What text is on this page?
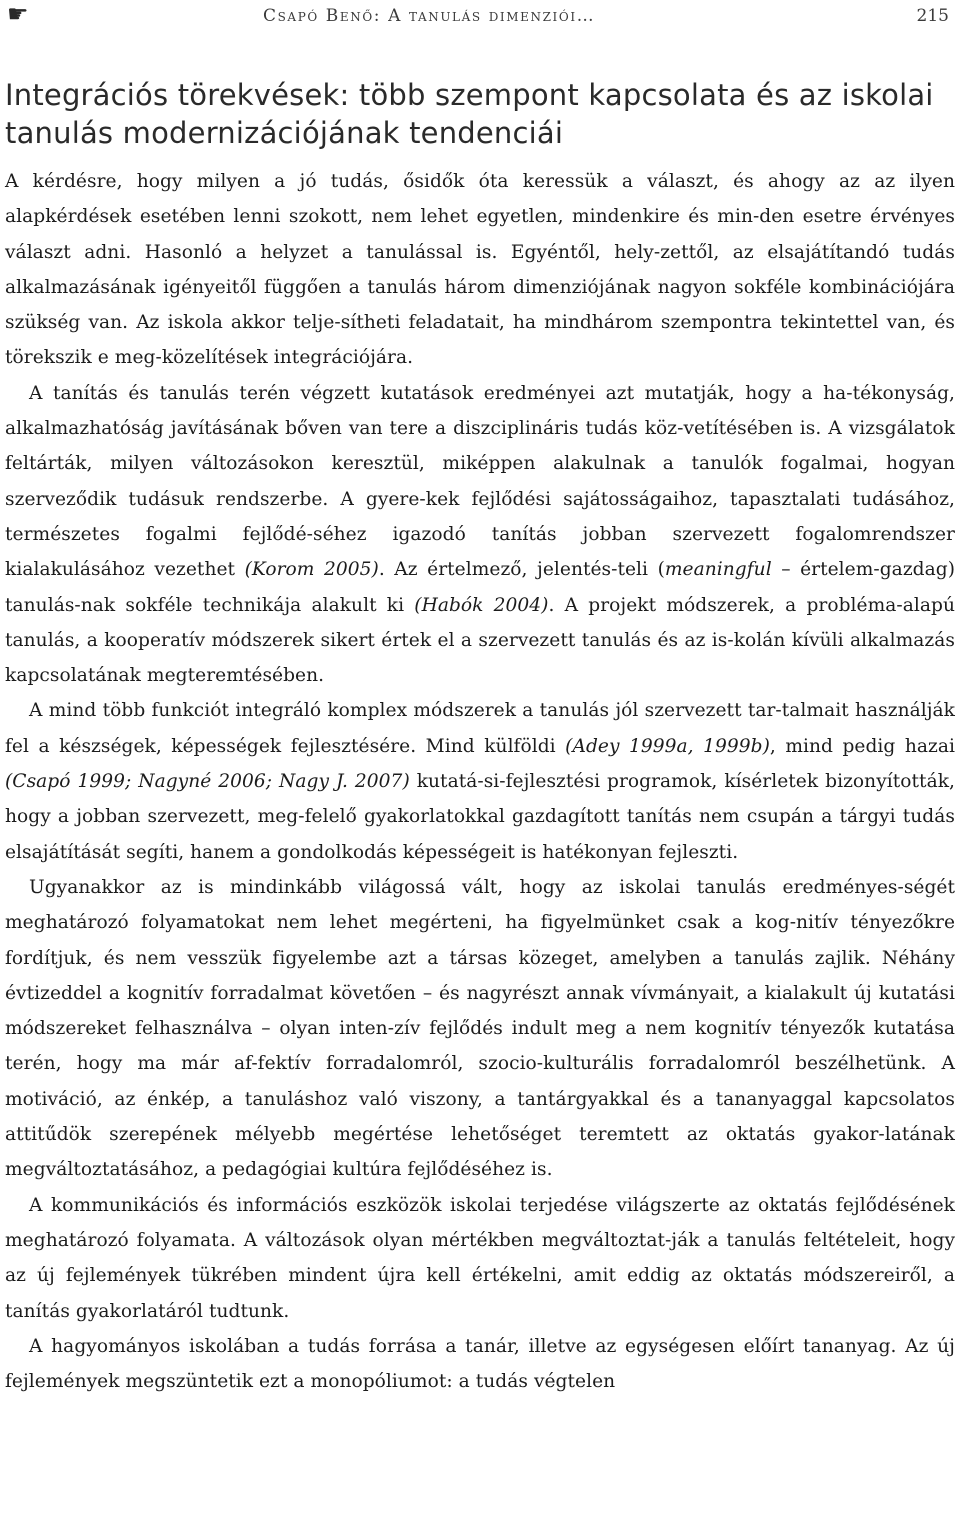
☛	Csapó Benő: A tanulás dimenziói…	215
Integrációs törekvések: több szempont kapcsolata és az iskolai tanulás modernizációjának tendenciái

A kérdésre, hogy milyen a jó tudás, ősidők óta keressük a választ, és ahogy az az ilyen alapkérdések esetében lenni szokott, nem lehet egyetlen, mindenkire és min-den esetre érvényes választ adni. Hasonló a helyzet a tanulással is. Egyéntől, hely-zettől, az elsajátítandó tudás alkalmazásának igényeitől függően a tanulás három dimenziójának nagyon sokféle kombinációjára szükség van. Az iskola akkor telje-sítheti feladatait, ha mindhárom szempontra tekintettel van, és törekszik e meg-közelítések integrációjára.

A tanítás és tanulás terén végzett kutatások eredményei azt mutatják, hogy a ha-tékonyság, alkalmazhatóság javításának bőven van tere a diszciplináris tudás köz-vetítésében is. A vizsgálatok feltárták, milyen változásokon keresztül, miképpen alakulnak a tanulók fogalmai, hogyan szerveződik tudásuk rendszerbe. A gyere-kek fejlődési sajátosságaihoz, tapasztalati tudásához, természetes fogalmi fejlődé-séhez igazodó tanítás jobban szervezett fogalomrendszer kialakulásához vezethet (Korom 2005). Az értelmező, jelentés-teli (meaningful – értelem-gazdag) tanulás-nak sokféle technikája alakult ki (Habók 2004). A projekt módszerek, a probléma-alapú tanulás, a kooperatív módszerek sikert értek el a szervezett tanulás és az is-kolán kívüli alkalmazás kapcsolatának megteremtésében.

A mind több funkciót integráló komplex módszerek a tanulás jól szervezett tar-talmait használják fel a készségek, képességek fejlesztésére. Mind külföldi (Adey 1999a, 1999b), mind pedig hazai (Csapó 1999; Nagyné 2006; Nagy J. 2007) kutatá-si-fejlesztési programok, kísérletek bizonyították, hogy a jobban szervezett, meg-felelő gyakorlatokkal gazdagított tanítás nem csupán a tárgyi tudás elsajátítását segíti, hanem a gondolkodás képességeit is hatékonyan fejleszti.

Ugyanakkor az is mindinkább világossá vált, hogy az iskolai tanulás eredményes-ségét meghatározó folyamatokat nem lehet megérteni, ha figyelmünket csak a kog-nitív tényezőkre fordítjuk, és nem vesszük figyelembe azt a társas közeget, amelyben a tanulás zajlik. Néhány évtizeddel a kognitív forradalmat követően – és nagyrészt annak vívmányait, a kialakult új kutatási módszereket felhasználva – olyan inten-zív fejlődés indult meg a nem kognitív tényezők kutatása terén, hogy ma már af-fektív forradalomról, szocio-kulturális forradalomról beszélhetünk. A motiváció, az énkép, a tanuláshoz való viszony, a tantárgyakkal és a tananyaggal kapcsolatos attitűdök szerepének mélyebb megértése lehetőséget teremtett az oktatás gyakor-latának megváltoztatásához, a pedagógiai kultúra fejlődéséhez is.

A kommunikációs és információs eszközök iskolai terjedése világszerte az oktatás fejlődésének meghatározó folyamata. A változások olyan mértékben megváltoztat-ják a tanulás feltételeit, hogy az új fejlemények tükrében mindent újra kell értékelni, amit eddig az oktatás módszereiről, a tanítás gyakorlatáról tudtunk.

A hagyományos iskolában a tudás forrása a tanár, illetve az egységesen előírt tananyag. Az új fejlemények megszüntetik ezt a monopóliumot: a tudás végtelen
